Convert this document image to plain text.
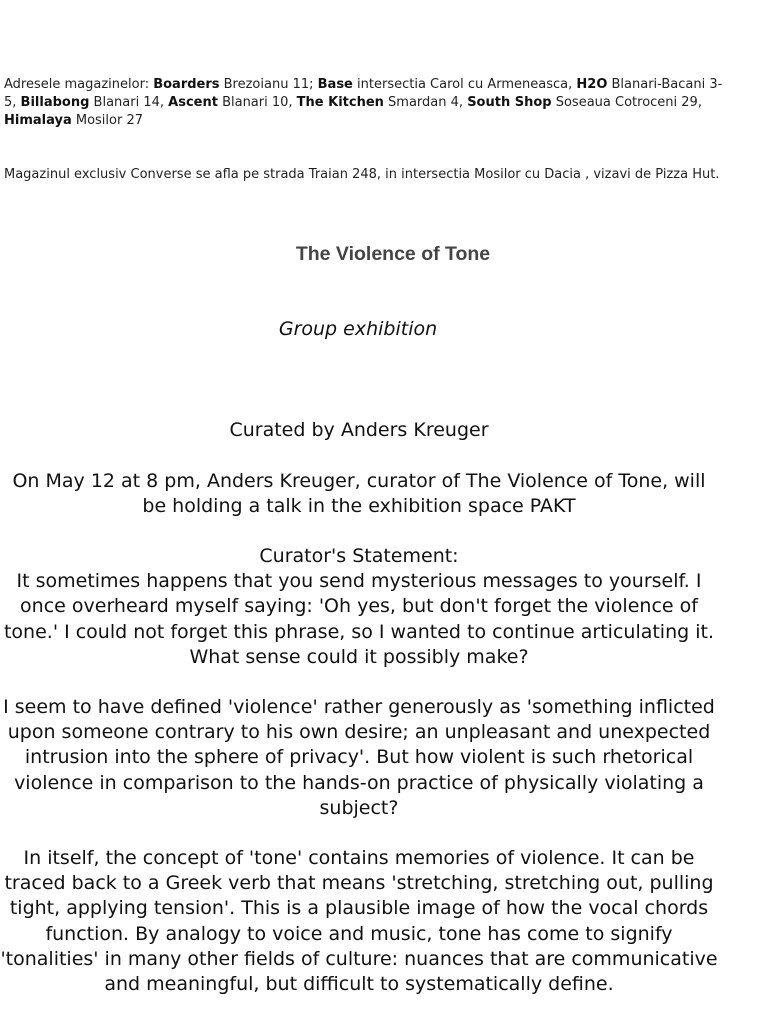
Adresele magazinelor: Boarders Brezoianu 11; Base intersectia Carol cu Armeneasca, H2O Blanari-Bacani 3-5, Billabong Blanari 14, Ascent Blanari 10, The Kitchen Smardan 4, South Shop Soseaua Cotroceni 29, Himalaya Mosilor 27
Magazinul exclusiv Converse se afla pe strada Traian 248, in intersectia Mosilor cu Dacia , vizavi de Pizza Hut.
The Violence of Tone
Group exhibition
Curated by Anders Kreuger
On May 12 at 8 pm, Anders Kreuger, curator of The Violence of Tone, will be holding a talk in the exhibition space PAKT

Curator's Statement:

It sometimes happens that you send mysterious messages to yourself. I once overheard myself saying: 'Oh yes, but don't forget the violence of tone.' I could not forget this phrase, so I wanted to continue articulating it. What sense could it possibly make?

I seem to have defined 'violence' rather generously as 'something inflicted upon someone contrary to his own desire; an unpleasant and unexpected intrusion into the sphere of privacy'. But how violent is such rhetorical violence in comparison to the hands-on practice of physically violating a subject?
In itself, the concept of 'tone' contains memories of violence. It can be traced back to a Greek verb that means 'stretching, stretching out, pulling tight, applying tension'. This is a plausible image of how the vocal chords function. By analogy to voice and music, tone has come to signify 'tonalities' in many other fields of culture: nuances that are communicative and meaningful, but difficult to systematically define.
